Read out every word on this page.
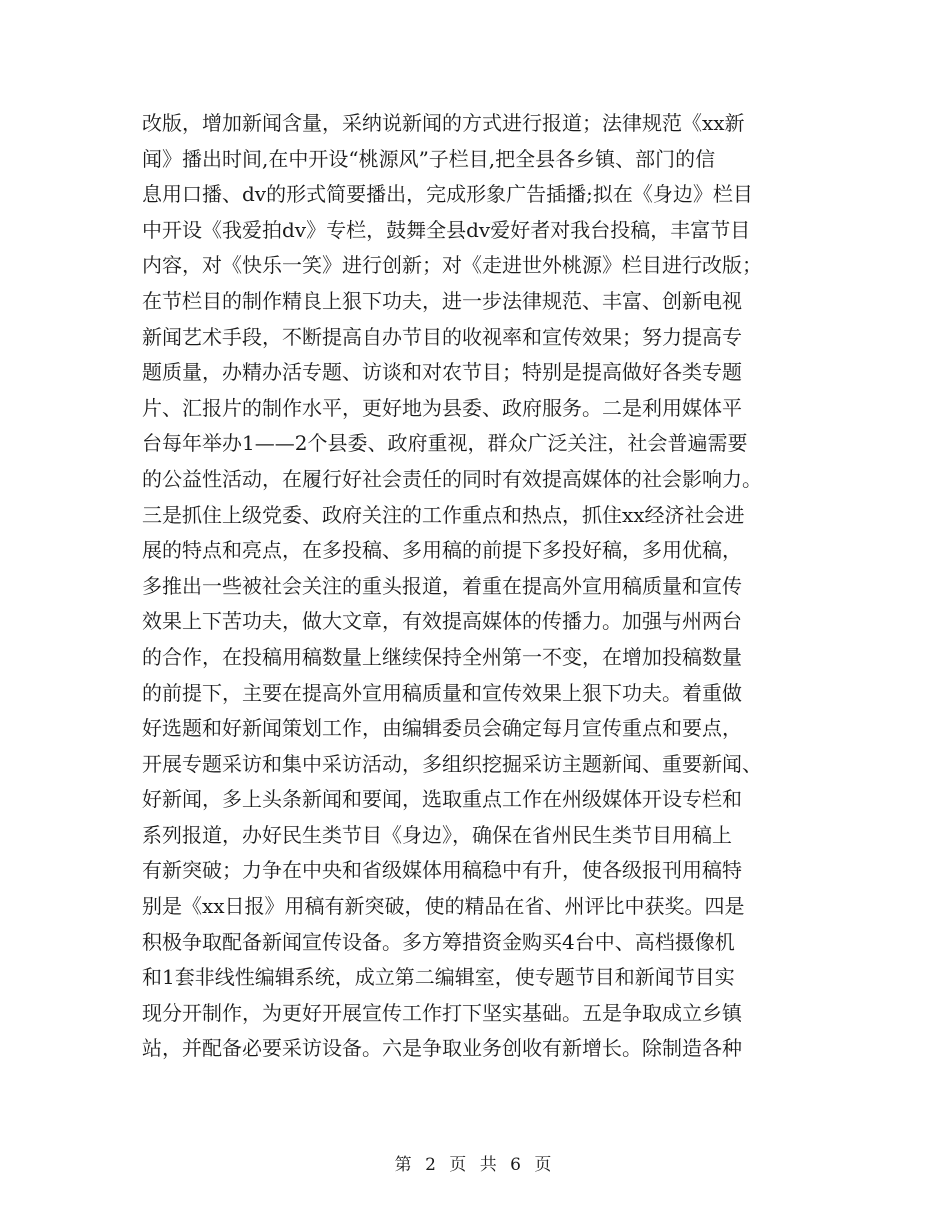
改版，增加新闻含量，采纳说新闻的方式进行报道；法律规范《xx新
闻》播出时间,在中开设“桃源风”子栏目,把全县各乡镇、部门的信
息用口播、dv的形式简要播出，完成形象广告插播;拟在《身边》栏目
中开设《我爱拍dv》专栏，鼓舞全县dv爱好者对我台投稿，丰富节目
内容，对《快乐一笑》进行创新；对《走进世外桃源》栏目进行改版；
在节栏目的制作精良上狠下功夫，进一步法律规范、丰富、创新电视
新闻艺术手段，不断提高自办节目的收视率和宣传效果；努力提高专
题质量，办精办活专题、访谈和对农节目；特别是提高做好各类专题
片、汇报片的制作水平，更好地为县委、政府服务。二是利用媒体平
台每年举办1——2个县委、政府重视，群众广泛关注，社会普遍需要
的公益性活动，在履行好社会责任的同时有效提高媒体的社会影响力。
三是抓住上级党委、政府关注的工作重点和热点，抓住xx经济社会进
展的特点和亮点，在多投稿、多用稿的前提下多投好稿，多用优稿，
多推出一些被社会关注的重头报道，着重在提高外宣用稿质量和宣传
效果上下苦功夫，做大文章，有效提高媒体的传播力。加强与州两台
的合作，在投稿用稿数量上继续保持全州第一不变，在增加投稿数量
的前提下，主要在提高外宣用稿质量和宣传效果上狠下功夫。着重做
好选题和好新闻策划工作，由编辑委员会确定每月宣传重点和要点，
开展专题采访和集中采访活动，多组织挖掘采访主题新闻、重要新闻、
好新闻，多上头条新闻和要闻，选取重点工作在州级媒体开设专栏和
系列报道，办好民生类节目《身边》，确保在省州民生类节目用稿上
有新突破；力争在中央和省级媒体用稿稳中有升，使各级报刊用稿特
别是《xx日报》用稿有新突破，使的精品在省、州评比中获奖。四是
积极争取配备新闻宣传设备。多方筹措资金购买4台中、高档摄像机
和1套非线性编辑系统，成立第二编辑室，使专题节目和新闻节目实
现分开制作，为更好开展宣传工作打下坚实基础。五是争取成立乡镇
站，并配备必要采访设备。六是争取业务创收有新增长。除制造各种
第 2 页 共 6 页
